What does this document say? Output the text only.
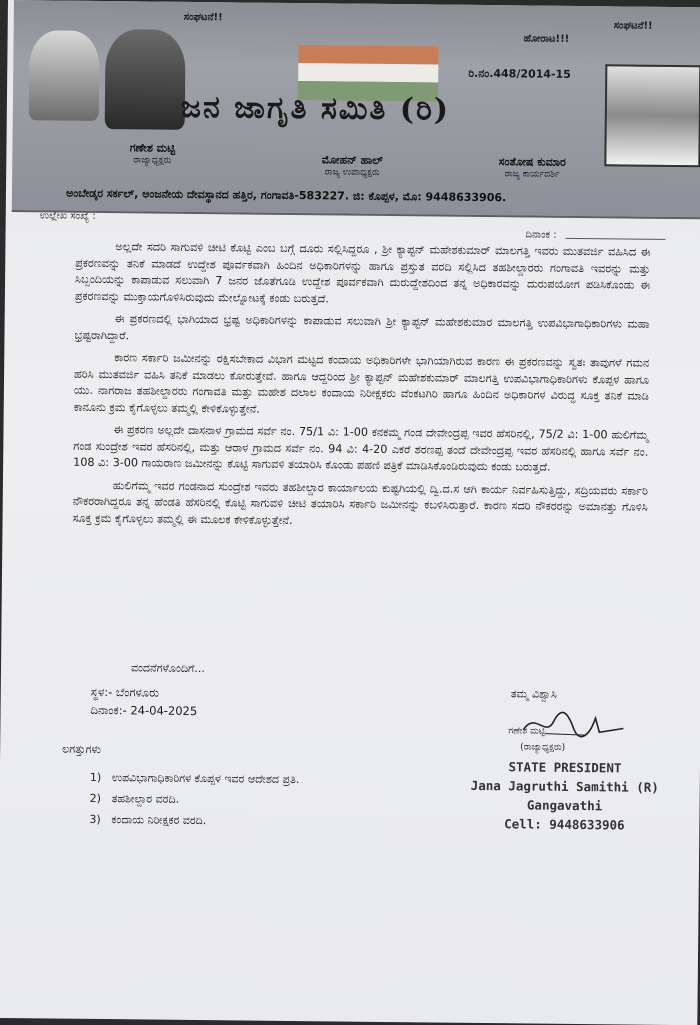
ಸಂಘಟನೆ!!
ಹೋರಾಟ!!!
ಸಂಘಟನೆ!!
ರಿ.ನಂ.448/2014-15
ಜನ ಜಾಗೃತಿ ಸಮಿತಿ (ರಿ)
ಗಣೇಶ ಮಟ್ಟಿ
ರಾಜ್ಯಾಧ್ಯಕ್ಷರು	ಮೋಹನ್ ಹಾಲ್
ರಾಜ್ಯ ಉಪಾಧ್ಯಕ್ಷರು
ಸಂತೋಷ ಕುಮಾರ
ರಾಜ್ಯ ಕಾರ್ಯದರ್ಶಿ
ಅಂಬೇಡ್ಕರ ಸರ್ಕಲ್, ಅಂಜನೇಯ ದೇವಸ್ಥಾನದ ಹತ್ತಿರ, ಗಂಗಾವತಿ-583227. ಜಿ: ಕೊಪ್ಪಳ, ಮೊ: 9448633906.
ಉಲ್ಲೇಖ ಸಂಖ್ಯೆ :
ದಿನಾಂಕ :

ಅಲ್ಲದೇ ಸದರಿ ಸಾಗುವಳಿ ಚೀಟಿ ಕೊಟ್ಟಿ ಎಂಬ ಬಗ್ಗೆ ದೂರು ಸಲ್ಲಿಸಿದ್ದರೂ , ಶ್ರೀ ಕ್ಯಾಪ್ಟನ್ ಮಹೇಶಕುಮಾರ್ ಮಾಲಗತ್ತಿ ಇವರು ಮುತವರ್ಜಿ ವಹಿಸಿದ ಈ ಪ್ರಕರಣವನ್ನು ತನಿಕೆ ಮಾಡದೆ ಉದ್ದೇಶ ಪೂರ್ವಕವಾಗಿ ಹಿಂದಿನ ಅಧಿಕಾರಿಗಳನ್ನು ಹಾಗೂ ಪ್ರಸ್ತುತ ವರದಿ ಸಲ್ಲಿಸಿದ ತಹಶೀಲ್ದಾರರು ಗಂಗಾವತಿ ಇವರನ್ನು ಮತ್ತು ಸಿಬ್ಬಂದಿಯನ್ನು ಕಾಪಾಡುವ ಸಲುವಾಗಿ 7 ಜನರ ಜೊತೆಗೂಡಿ ಉದ್ದೇಶ ಪೂರ್ವಕವಾಗಿ ದುರುದ್ದೇಶದಿಂದ ತನ್ನ ಅಧಿಕಾರವನ್ನು ದುರುಪಯೋಗ ಪಡಿಸಿಕೊಂಡು ಈ ಪ್ರಕರಣವನ್ನು ಮುಕ್ತಾಯಗೊಳಿಸಿರುವುದು ಮೇಲ್ನೋಟಕ್ಕೆ ಕಂಡು ಬರುತ್ತದೆ.

ಈ ಪ್ರಕರಣದಲ್ಲಿ ಭಾಗಿಯಾದ ಭ್ರಷ್ಟ ಅಧಿಕಾರಿಗಳನ್ನು ಕಾಪಾಡುವ ಸಲುವಾಗಿ ಶ್ರೀ ಕ್ಯಾಪ್ಟನ್ ಮಹೇಶಕುಮಾರ ಮಾಲಗತ್ತಿ ಉಪವಿಭಾಗಾಧಿಕಾರಿಗಳು ಮಹಾ ಭ್ರಷ್ಟರಾಗಿದ್ದಾರೆ.

ಕಾರಣ ಸರ್ಕಾರಿ ಜಮೀನನ್ನು ರಕ್ಷಿಸಬೇಕಾದ ವಿಭಾಗ ಮಟ್ಟದ ಕಂದಾಯ ಅಧಿಕಾರಿಗಳೇ ಭಾಗಿಯಾಗಿರುವ ಕಾರಣ ಈ ಪ್ರಕರಣವನ್ನು ಸ್ವತಃ ತಾವುಗಳೆ ಗಮನ ಹರಿಸಿ ಮುತವರ್ಜಿ ವಹಿಸಿ ತನಿಕೆ ಮಾಡಲು ಕೋರುತ್ತೇವೆ. ಹಾಗೂ ಆದ್ದರಿಂದ ಶ್ರೀ ಕ್ಯಾಪ್ಟನ್ ಮಹೇಶಕುಮಾರ್ ಮಾಲಗತ್ತಿ ಉಪವಿಭಾಗಾಧಿಕಾರಿಗಳು ಕೊಪ್ಪಳ ಹಾಗೂ ಯು. ನಾಗರಾಜ ತಹಶೀಲ್ದಾರರು ಗಂಗಾವತಿ ಮತ್ತು ಮಹೇಶ ದಲಾಲ ಕಂದಾಯ ನಿರೀಕ್ಷಕರು ವೆಂಕಟಗಿರಿ ಹಾಗೂ ಹಿಂದಿನ ಅಧಿಕಾರಿಗಳ ವಿರುದ್ಧ ಸೂಕ್ತ ತನಿಕೆ ಮಾಡಿ ಕಾನೂನು ಕ್ರಮ ಕೈಗೊಳ್ಳಲು ತಮ್ಮಲ್ಲಿ ಕೇಳಿಕೊಳ್ಳುತ್ತೇನೆ.

ಈ ಪ್ರಕರಣ ಅಲ್ಲದೇ ದಾಸನಾಳ ಗ್ರಾಮದ ಸರ್ವೆ ನಂ. 75/1 ವಿ: 1-00 ಕನಕಮ್ಮ ಗಂಡ ದೇವೇಂದ್ರಪ್ಪ ಇವರ ಹೆಸರಿನಲ್ಲಿ, 75/2 ವಿ: 1-00 ಹುಲಿಗೆಮ್ಮ ಗಂಡ ಸುಂದ್ರೇಶ ಇವರ ಹೆಸರಿನಲ್ಲಿ, ಮತ್ತು ಆರಾಳ ಗ್ರಾಮದ ಸರ್ವೆ ನಂ. 94 ವಿ: 4-20 ಎಕರೆ ಶರಣಪ್ಪ ತಂದೆ ದೇವೇಂದ್ರಪ್ಪ ಇವರ ಹೆಸರಿನಲ್ಲಿ ಹಾಗೂ ಸರ್ವೆ ನಂ. 108 ವಿ: 3-00 ಗಾಯರಾಣ ಜಮೀನನ್ನು ಕೊಟ್ಟಿ ಸಾಗುವಳಿ ತಯಾರಿಸಿ ಕೊಂಡು ಪಹಣಿ ಪತ್ರಿಕೆ ಮಾಡಿಸಿಕೊಂಡಿರುವುದು ಕಂಡು ಬರುತ್ತದೆ.

ಹುಲಿಗೆಮ್ಮ ಇವರ ಗಂಡನಾದ ಸುಂದ್ರೇಶ ಇವರು ತಹಶೀಲ್ದಾರ ಕಾರ್ಯಾಲಯ ಕುಷ್ಟಗಿಯಲ್ಲಿ ದ್ವಿ.ದ.ಸ ಆಗಿ ಕಾರ್ಯ ನಿರ್ವಹಿಸುತ್ತಿದ್ದು, ಸದ್ರಿಯವರು ಸರ್ಕಾರಿ ನೌಕರರಾಗಿದ್ದರೂ ತನ್ನ ಹೆಂಡತಿ ಹೆಸರಿನಲ್ಲಿ ಕೊಟ್ಟಿ ಸಾಗುವಳಿ ಚೀಟಿ ತಯಾರಿಸಿ ಸರ್ಕಾರಿ ಜಮೀನನ್ನು ಕಬಳಿಸಿರುತ್ತಾರೆ. ಕಾರಣ ಸದರಿ ನೌಕರರನ್ನು ಅಮಾನತ್ತು ಗೊಳಿಸಿ ಸೂಕ್ತ ಕ್ರಮ ಕೈಗೊಳ್ಳಲು ತಮ್ಮಲ್ಲಿ ಈ ಮೂಲಕ ಕೇಳಿಕೊಳ್ಳುತ್ತೇನೆ.

ವಂದನೆಗಳೊಂದಿಗೆ...
ಸ್ಥಳ:- ಬೆಂಗಳೂರು
ದಿನಾಂಕ:- 24-04-2025
ತಮ್ಮ ವಿಶ್ವಾಸಿ
ಗಣೇಶ ಮಟ್ಟಿ
(ರಾಜ್ಯಾಧ್ಯಕ್ಷರು)
STATE PRESIDENT
Jana Jagruthi Samithi (R)
Gangavathi
Cell: 9448633906
ಲಗತ್ತುಗಳು
1) ಉಪವಿಭಾಗಾಧಿಕಾರಿಗಳ ಕೊಪ್ಪಳ ಇವರ ಆದೇಶದ ಪ್ರತಿ.
2) ತಹಶೀಲ್ದಾರ ವರದಿ.
3) ಕಂದಾಯ ನಿರೀಕ್ಷಕರ ವರದಿ.
